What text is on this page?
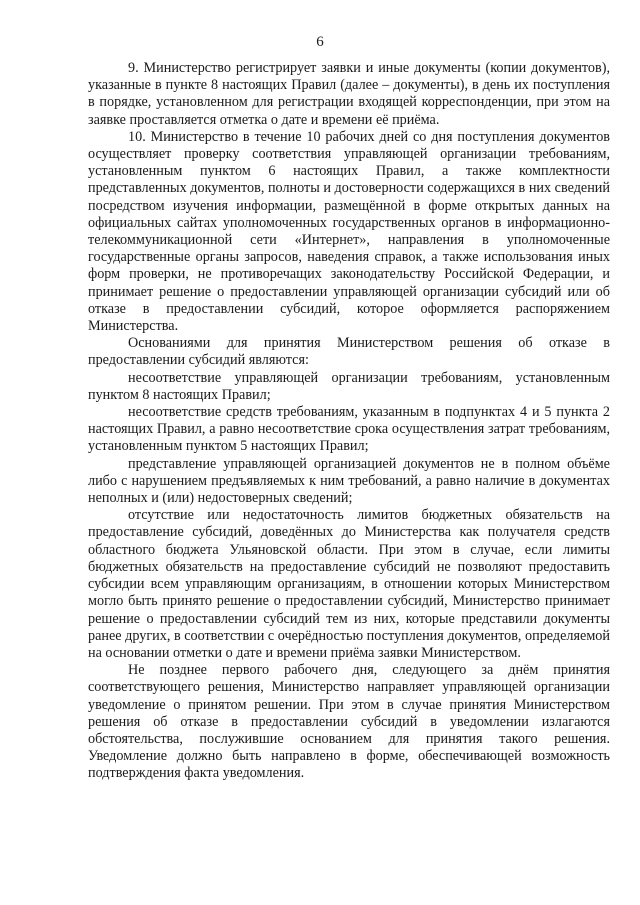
6

9. Министерство регистрирует заявки и иные документы (копии документов), указанные в пункте 8 настоящих Правил (далее – документы), в день их поступления в порядке, установленном для регистрации входящей корреспонденции, при этом на заявке проставляется отметка о дате и времени её приёма.

10. Министерство в течение 10 рабочих дней со дня поступления документов осуществляет проверку соответствия управляющей организации требованиям, установленным пунктом 6 настоящих Правил, а также комплектности представленных документов, полноты и достоверности содержащихся в них сведений посредством изучения информации, размещённой в форме открытых данных на официальных сайтах уполномоченных государственных органов в информационно-телекоммуникационной сети «Интернет», направления в уполномоченные государственные органы запросов, наведения справок, а также использования иных форм проверки, не противоречащих законодательству Российской Федерации, и принимает решение о предоставлении управляющей организации субсидий или об отказе в предоставлении субсидий, которое оформляется распоряжением Министерства.

Основаниями для принятия Министерством решения об отказе в предоставлении субсидий являются:

несоответствие управляющей организации требованиям, установленным пунктом 8 настоящих Правил;

несоответствие средств требованиям, указанным в подпунктах 4 и 5 пункта 2 настоящих Правил, а равно несоответствие срока осуществления затрат требованиям, установленным пунктом 5 настоящих Правил;

представление управляющей организацией документов не в полном объёме либо с нарушением предъявляемых к ним требований, а равно наличие в документах неполных и (или) недостоверных сведений;

отсутствие или недостаточность лимитов бюджетных обязательств на предоставление субсидий, доведённых до Министерства как получателя средств областного бюджета Ульяновской области. При этом в случае, если лимиты бюджетных обязательств на предоставление субсидий не позволяют предоставить субсидии всем управляющим организациям, в отношении которых Министерством могло быть принято решение о предоставлении субсидий, Министерство принимает решение о предоставлении субсидий тем из них, которые представили документы ранее других, в соответствии с очерёдностью поступления документов, определяемой на основании отметки о дате и времени приёма заявки Министерством.

Не позднее первого рабочего дня, следующего за днём принятия соответствующего решения, Министерство направляет управляющей организации уведомление о принятом решении. При этом в случае принятия Министерством решения об отказе в предоставлении субсидий в уведомлении излагаются обстоятельства, послужившие основанием для принятия такого решения. Уведомление должно быть направлено в форме, обеспечивающей возможность подтверждения факта уведомления.
